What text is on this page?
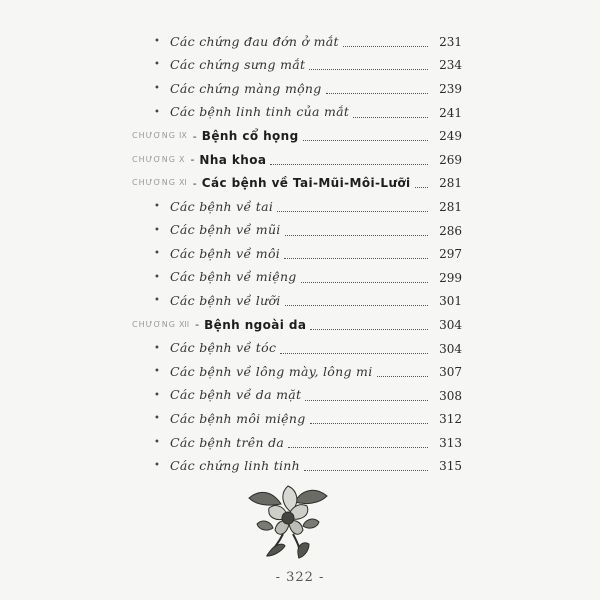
• Các chứng đau đớn ở mắt	231
• Các chứng sưng mắt	234
• Các chứng màng mộng	239
• Các bệnh linh tinh của mắt	241
CHƯƠNG IX - Bệnh cổ họng	249
CHƯƠNG X - Nha khoa	269
CHƯƠNG XI - Các bệnh về Tai-Mũi-Môi-Lưỡi	281
• Các bệnh về tai	281
• Các bệnh về mũi	286
• Các bệnh về môi	297
• Các bệnh về miệng	299
• Các bệnh về lưỡi	301
CHƯƠNG XII - Bệnh ngoài da	304
• Các bệnh về tóc	304
• Các bệnh về lông mày, lông mi	307
• Các bệnh về da mặt	308
• Các bệnh môi miệng	312
• Các bệnh trên da	313
• Các chứng linh tinh	315
- 322 -
